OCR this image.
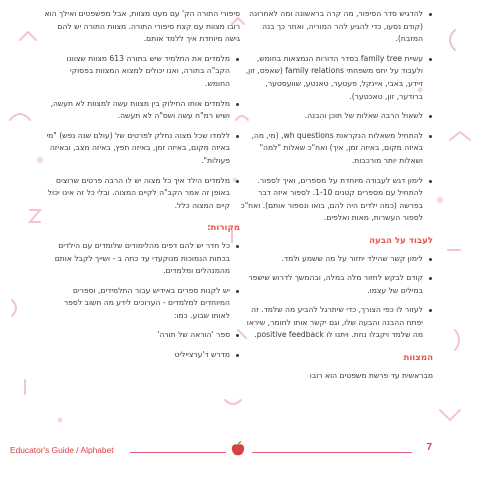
להדגיש סדר הסיפור, מה קרה בראשונה ומה לאחרונה (קודם נסעו, כדי להגיע להר המוריה, ואחר כך בנה המזבח).
עשיית family tree בסדר הדורות הנמצאות בחומש, ולעבוד על יחס משפחתי family relations (שאפס, זון, זיידע, בּאבי, איינקל, פעטער, טאנטע, שוועסטער, ברודער, זון, טאכטער).
לשאול הרבה שאלות של תוכן והבנה.
להתחיל משאלות הנקראות wh questions, (מי, מה, באיזה מקום, באיזה זמן, איך) ואח"כ שאלות "למה" ושאלות יותר מורכבות.
לימון דגש לעבודה מיוחדת על מספרים, ואיך לספור. להתחיל עם מספרים קטנים 1-10. לספור איזה דבר בפרשה (כמה ילדים היה להם, בואו ונספור אותם). ואח"כ לספור העשרות, מאות ואלפים.
לעבוד על הבעה
לימון קשר שהילד יחזור על מה ששמע ולמד.
קודם לבקש לחזור מלה במלה, ובהמשך לדרוש שישפר במילים של עצמו.
לעזור לו כפי הצורך, כדי שיתרגל להביע מה שלמד. זה יפתח ההבנה והבעה שלו, וגם יקשר אותו לחומר, שיראו מה שלמד ויקבלו נחת. ויתנו לו positive feedback.
המצוות

מבראשית עד פרשת משפטים הוא רובו

סיפורי התורה הק' עם מעט מצוות, אבל מפשפטים ואילך הוא רובו מצוות עם קצת סיפורי התורה. מצוות התורה יש להם גישה מיוחדת איך ללמד אותם.

מלמדים את התלמיד שיש בתורה 613 מצוות שצוונו הקב"ה בתורה, ואנו יכולים למצוא המצוות בפסוקי החומש.
מלמדים אותו החילוק בין מצוות עשה למצוות לא תעשה, ושיש רמ"ח עשה ושס"ה לא תעשה.
ללמדו שכל מצוה נחלק לפרטים של (עולם שנה נפש) "מי באיזה מקום, באיזה זמן, באיזה חפץ, באיזה מצב, ובאיזה פעולות".
מלמדים הילד איך כל מצוה יש לו הרבה פרטים שרוצים באופן זה אמר הקב"ה לקיים המצוה. ובלי כל זה אינו יכול קיים המצוה כלל.
מקורות:
כל חדר יש להם דפים מהלימודים שלומדים עם הילדים בכתות הנמוכות מנוקעדי עד כתה ב - ושייך לקבל אותם מהמנהלים ומלמדים.
יש לקנות ספרים באידיש עבור התלמידים, וספרים המיוחדים למלמדים - הערוכים לידע מה חשוב לספר לאותו שבוע. כמו:
ספר 'הוראה של תורה'
מדרש ד'ערצייליט
Educator's Guide / Alphabet	7
